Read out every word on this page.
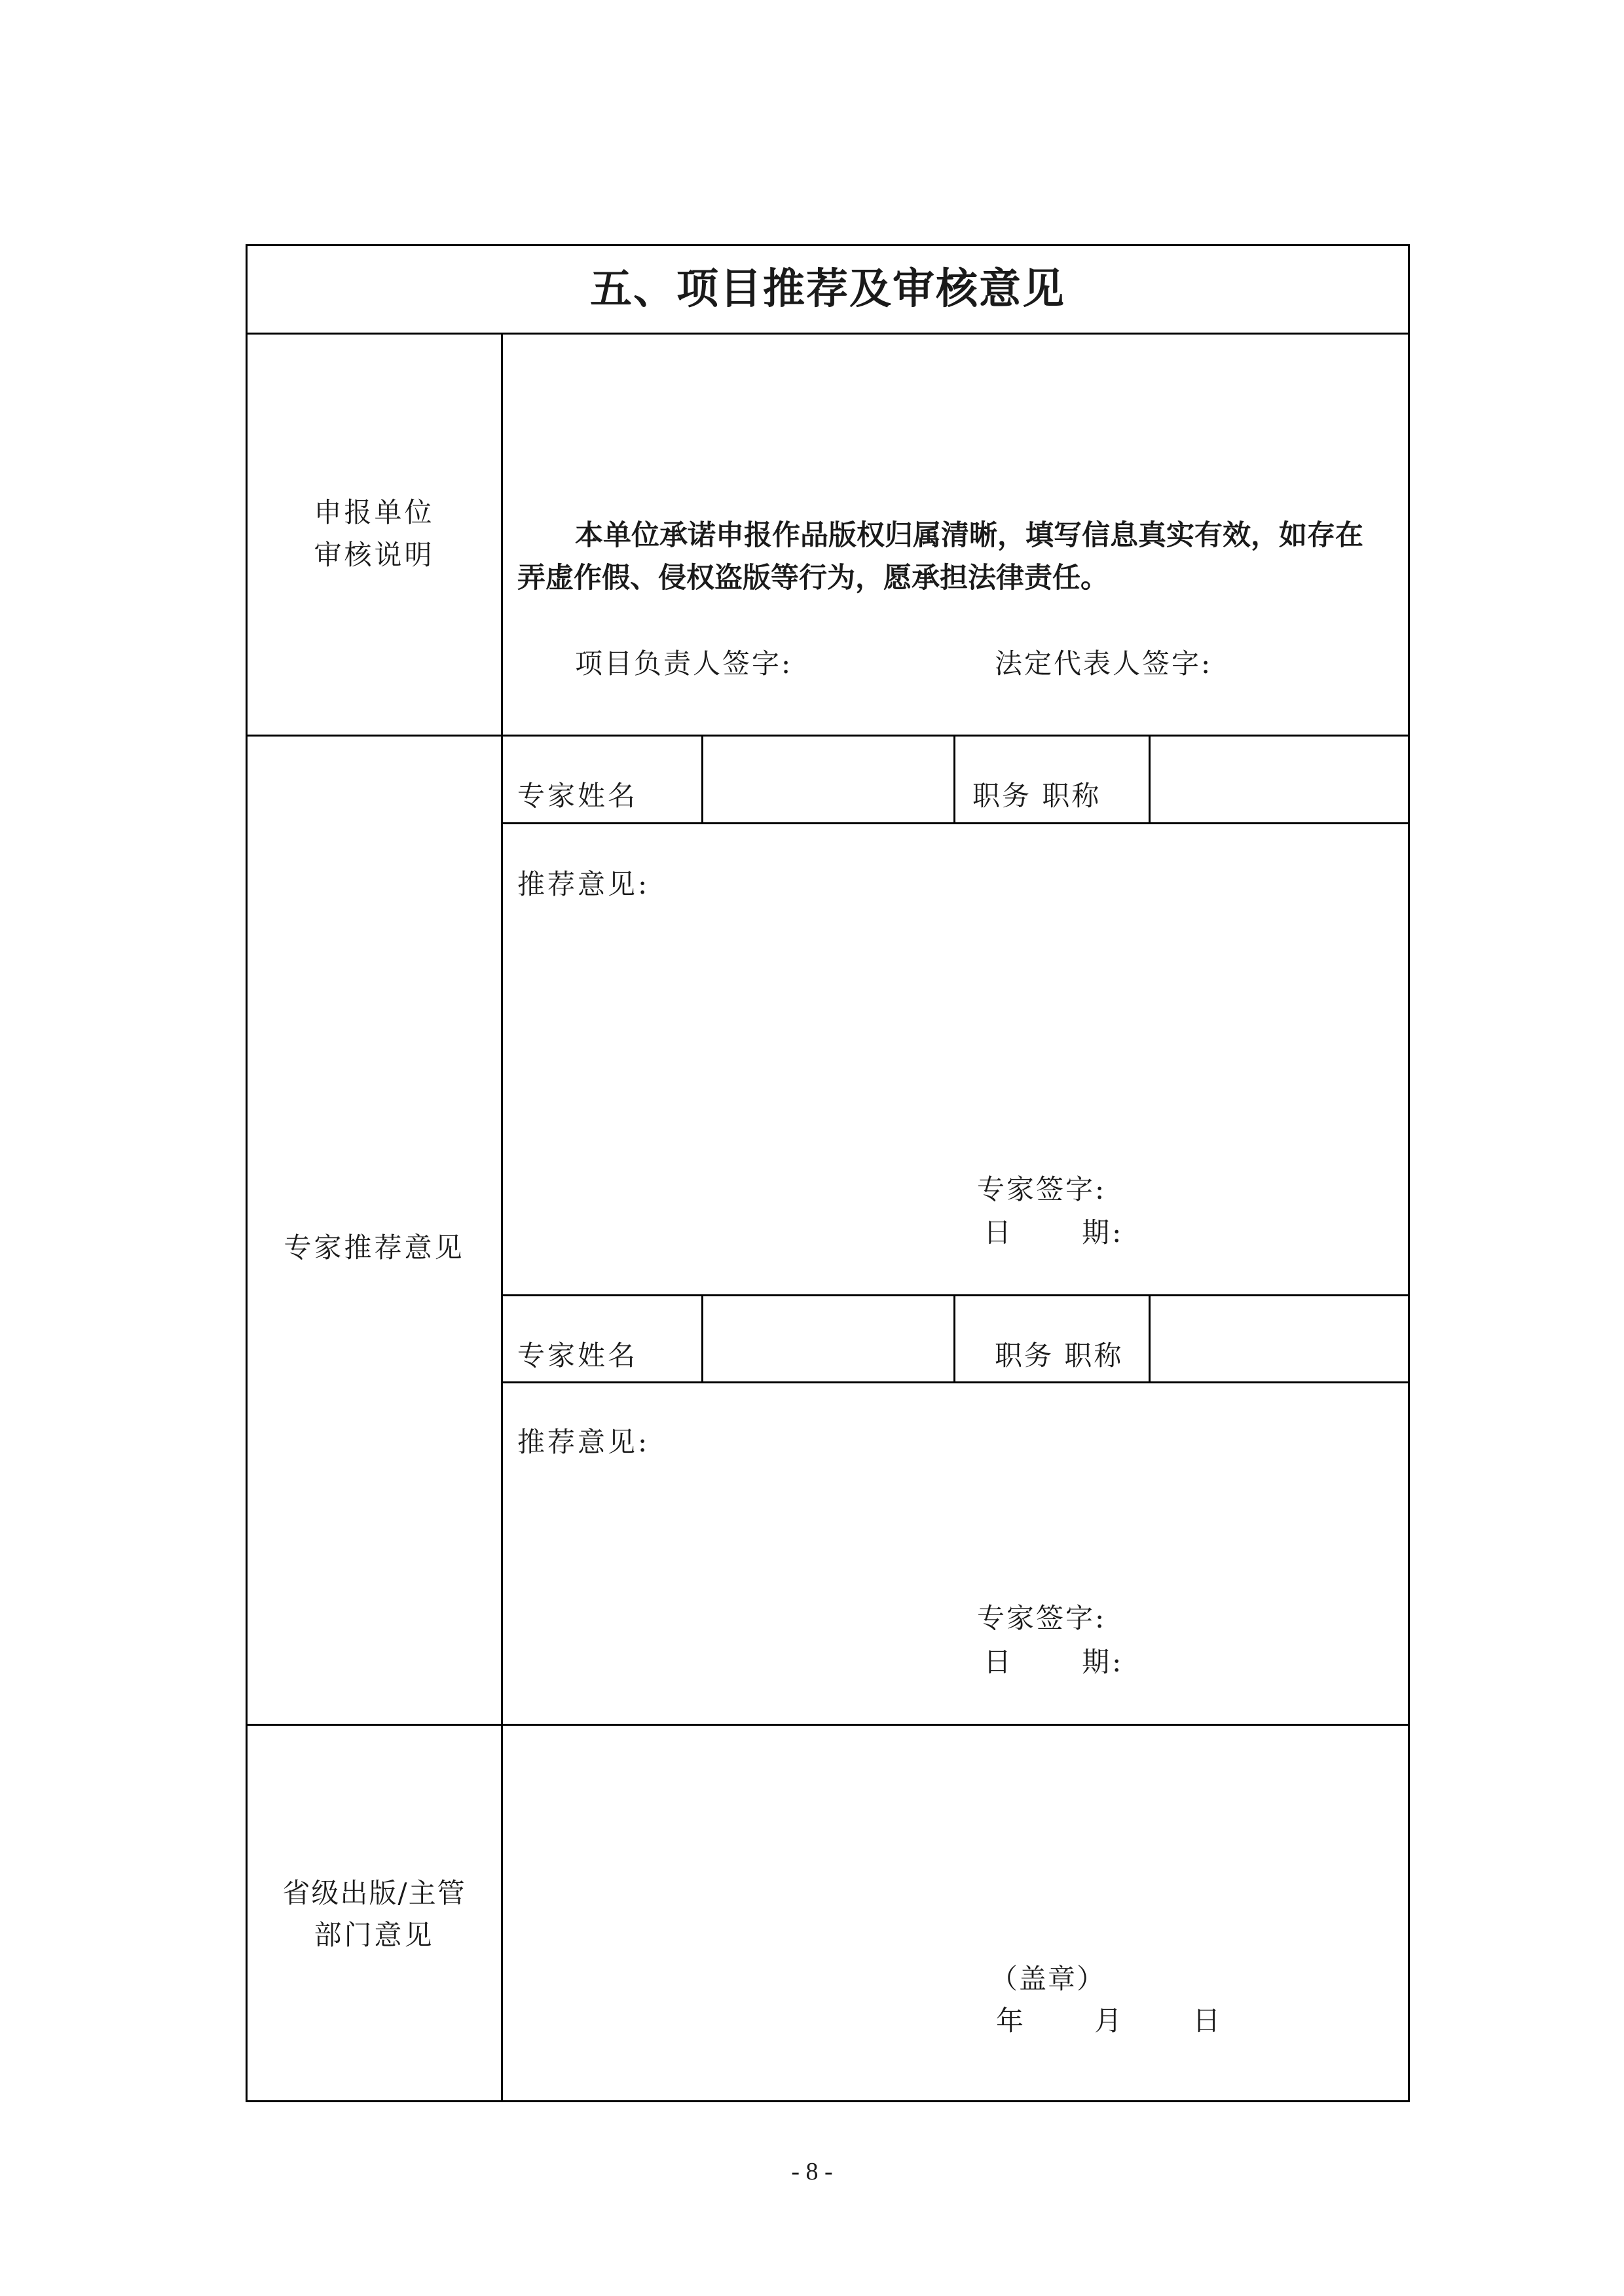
五、项目推荐及审核意见
申报单位
审核说明
本单位承诺申报作品版权归属清晰，填写信息真实有效，如存在
弄虚作假、侵权盗版等行为，愿承担法律责任。
项目负责人签字:	法定代表人签字:
专家推荐意见
专家姓名	职务 职称
推荐意见:
专家签字:
日      期:
专家姓名	职务 职称
推荐意见:
专家签字:
日      期:
省级出版/主管
部门意见
（盖章）
年      月      日
- 8 -
